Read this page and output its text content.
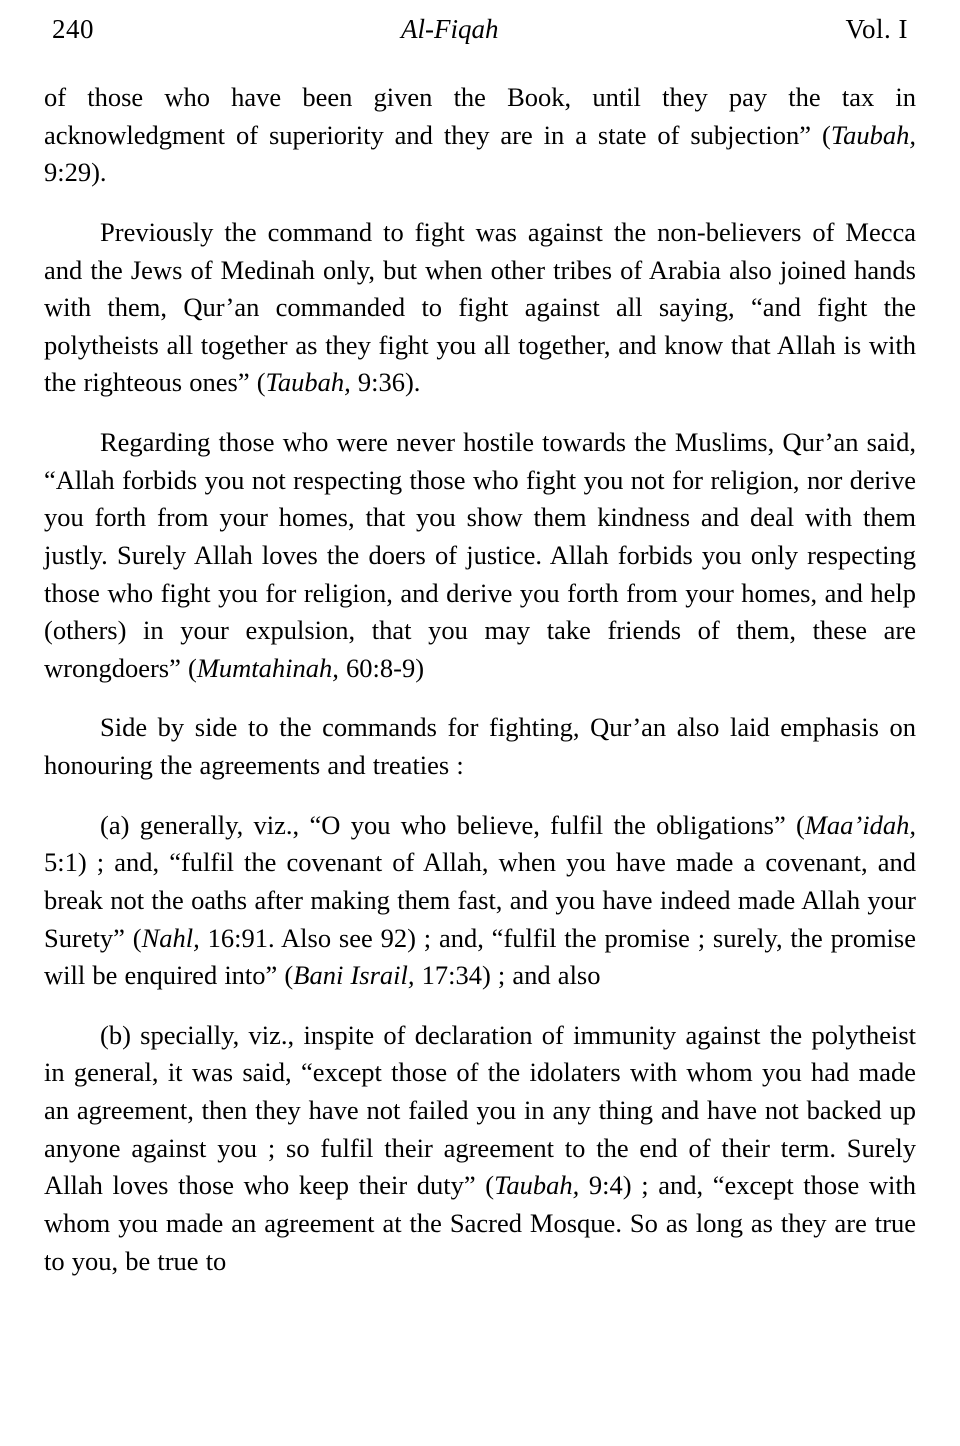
240	Al-Fiqah	Vol. I

of those who have been given the Book, until they pay the tax in acknowledgment of superiority and they are in a state of subjection” (Taubah, 9:29).

Previously the command to fight was against the non-believers of Mecca and the Jews of Medinah only, but when other tribes of Arabia also joined hands with them, Qur’an commanded to fight against all saying, “and fight the polytheists all together as they fight you all together, and know that Allah is with the righteous ones” (Taubah, 9:36).

Regarding those who were never hostile towards the Muslims, Qur’an said, “Allah forbids you not respecting those who fight you not for religion, nor derive you forth from your homes, that you show them kindness and deal with them justly. Surely Allah loves the doers of justice. Allah forbids you only respecting those who fight you for religion, and derive you forth from your homes, and help (others) in your expulsion, that you may take friends of them, these are wrongdoers” (Mumtahinah, 60:8-9)

Side by side to the commands for fighting, Qur’an also laid emphasis on honouring the agreements and treaties :

(a) generally, viz., “O you who believe, fulfil the obligations” (Maa’idah, 5:1) ; and, “fulfil the covenant of Allah, when you have made a covenant, and break not the oaths after making them fast, and you have indeed made Allah your Surety” (Nahl, 16:91. Also see 92) ; and, “fulfil the promise ; surely, the promise will be enquired into” (Bani Israil, 17:34) ; and also

(b) specially, viz., inspite of declaration of immunity against the polytheist in general, it was said, “except those of the idolaters with whom you had made an agreement, then they have not failed you in any thing and have not backed up anyone against you ; so fulfil their agreement to the end of their term. Surely Allah loves those who keep their duty” (Taubah, 9:4) ; and, “except those with whom you made an agreement at the Sacred Mosque. So as long as they are true to you, be true to
